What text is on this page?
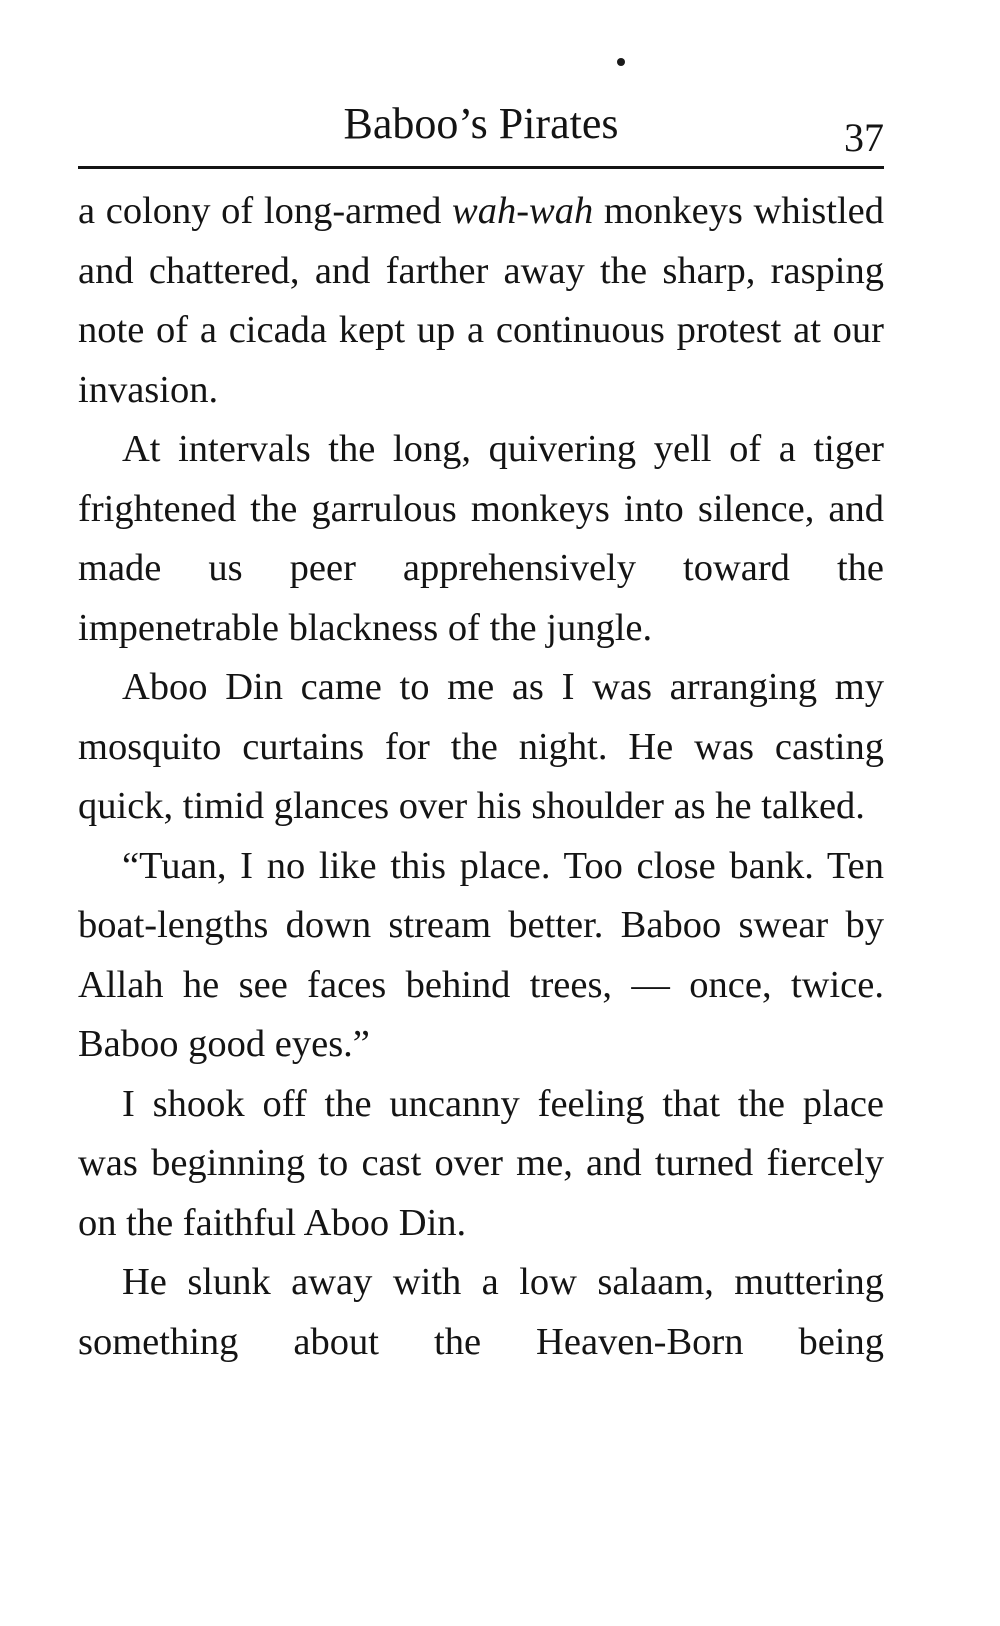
Baboo’s Pirates	37

a colony of long-armed wah-wah monkeys whistled and chattered, and farther away the sharp, rasping note of a cicada kept up a continuous protest at our invasion.

At intervals the long, quivering yell of a tiger frightened the garrulous monkeys into silence, and made us peer apprehensively toward the impenetrable blackness of the jungle.

Aboo Din came to me as I was arranging my mosquito curtains for the night. He was casting quick, timid glances over his shoulder as he talked.

“Tuan, I no like this place. Too close bank. Ten boat-lengths down stream better. Baboo swear by Allah he see faces behind trees, — once, twice. Baboo good eyes.”

I shook off the uncanny feeling that the place was beginning to cast over me, and turned fiercely on the faithful Aboo Din.

He slunk away with a low salaam, muttering something about the Heaven-Born being
